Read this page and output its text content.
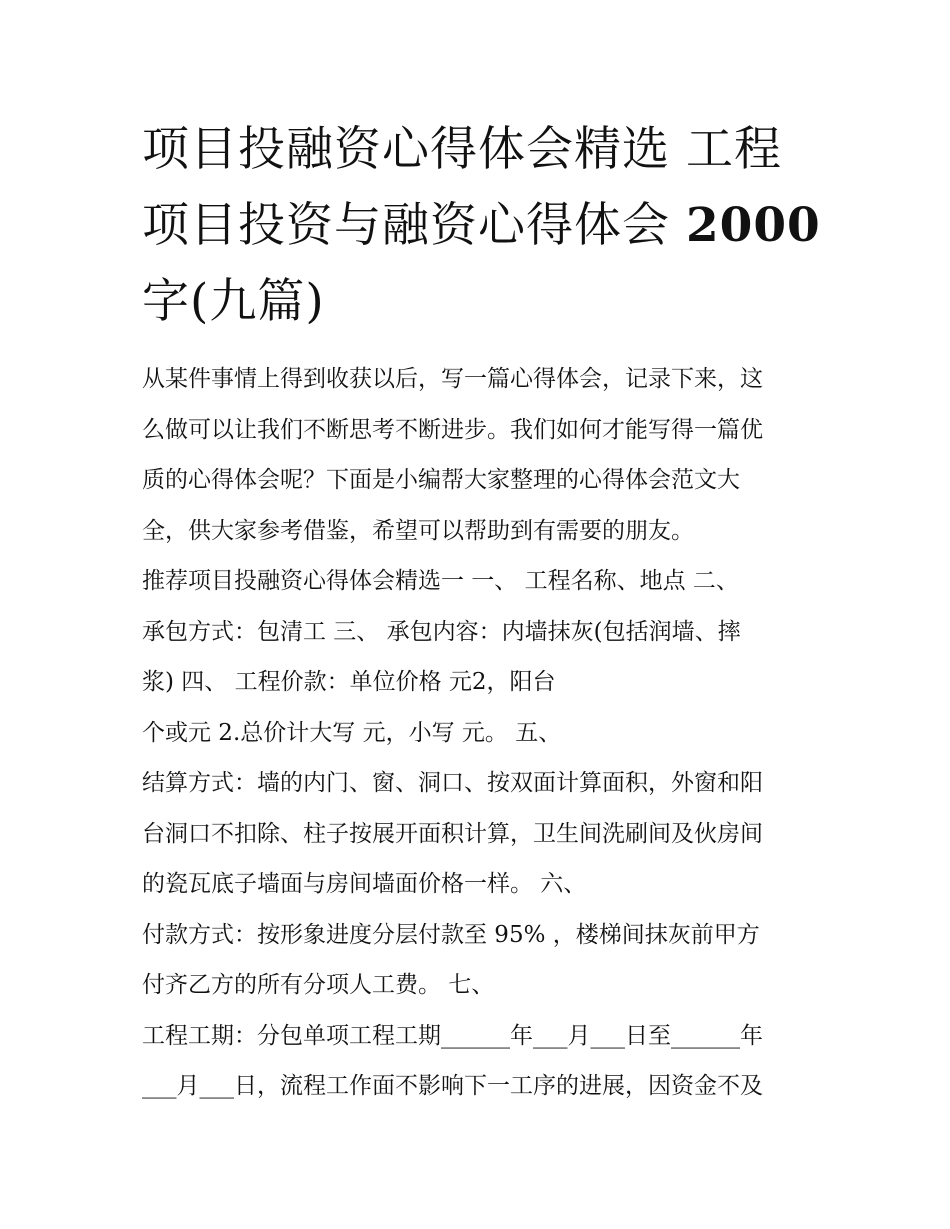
项目投融资心得体会精选 工程
项目投资与融资心得体会 2000
字(九篇)
从某件事情上得到收获以后，写一篇心得体会，记录下来，这
么做可以让我们不断思考不断进步。我们如何才能写得一篇优
质的心得体会呢？下面是小编帮大家整理的心得体会范文大
全，供大家参考借鉴，希望可以帮助到有需要的朋友。
推荐项目投融资心得体会精选一 一、 工程名称、地点 二、
承包方式：包清工 三、 承包内容：内墙抹灰(包括润墙、摔
浆) 四、 工程价款：单位价格 元2，阳台
个或元 2.总价计大写 元，小写 元。 五、
结算方式：墙的内门、窗、洞口、按双面计算面积，外窗和阳
台洞口不扣除、柱子按展开面积计算，卫生间洗刷间及伙房间
的瓷瓦底子墙面与房间墙面价格一样。 六、
付款方式：按形象进度分层付款至 95% ，楼梯间抹灰前甲方
付齐乙方的所有分项人工费。 七、
工程工期：分包单项工程工期______年___月___日至______年
___月___日，流程工作面不影响下一工序的进展，因资金不及
